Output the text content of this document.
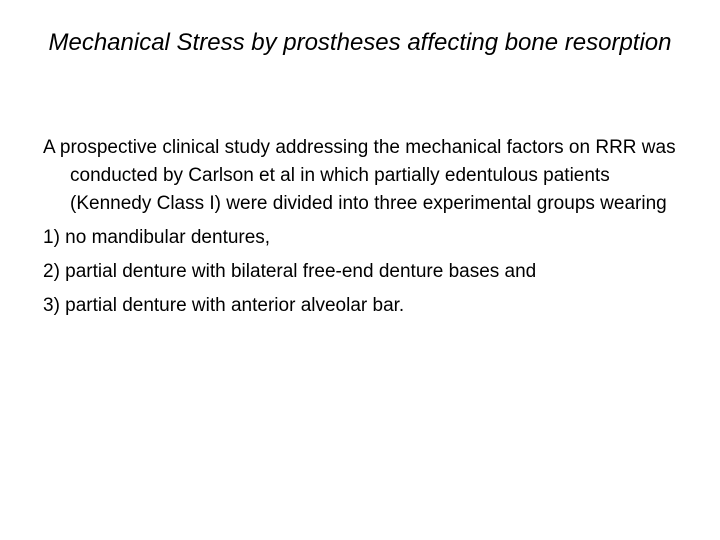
Mechanical Stress by prostheses affecting bone resorption

A prospective clinical study addressing the mechanical factors on RRR was conducted by Carlson et al in which partially edentulous patients (Kennedy Class I) were divided into three experimental groups wearing

1) no mandibular dentures,

2) partial denture with bilateral free-end denture bases and

3) partial denture with anterior alveolar bar.
